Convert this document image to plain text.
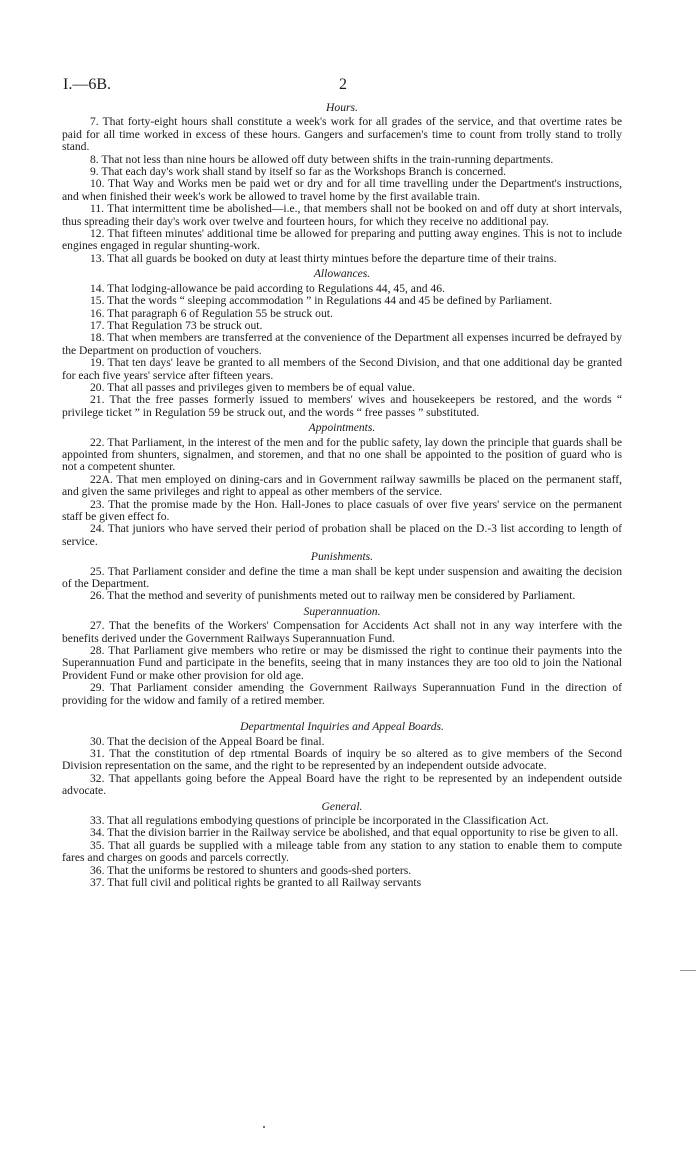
I.—6B.	2
Hours.

7. That forty-eight hours shall constitute a week's work for all grades of the service, and that overtime rates be paid for all time worked in excess of these hours. Gangers and surfacemen's time to count from trolly stand to trolly stand.

8. That not less than nine hours be allowed off duty between shifts in the train-running departments.

9. That each day's work shall stand by itself so far as the Workshops Branch is concerned.

10. That Way and Works men be paid wet or dry and for all time travelling under the Department's instructions, and when finished their week's work be allowed to travel home by the first available train.

11. That intermittent time be abolished—i.e., that members shall not be booked on and off duty at short intervals, thus spreading their day's work over twelve and fourteen hours, for which they receive no additional pay.

12. That fifteen minutes' additional time be allowed for preparing and putting away engines. This is not to include engines engaged in regular shunting-work.

13. That all guards be booked on duty at least thirty mintues before the departure time of their trains.

Allowances.

14. That lodging-allowance be paid according to Regulations 44, 45, and 46.

15. That the words “ sleeping accommodation ” in Regulations 44 and 45 be defined by Parliament.

16. That paragraph 6 of Regulation 55 be struck out.

17. That Regulation 73 be struck out.

18. That when members are transferred at the convenience of the Department all expenses incurred be defrayed by the Department on production of vouchers.

19. That ten days' leave be granted to all members of the Second Division, and that one additional day be granted for each five years' service after fifteen years.

20. That all passes and privileges given to members be of equal value.

21. That the free passes formerly issued to members' wives and housekeepers be restored, and the words “ privilege ticket ” in Regulation 59 be struck out, and the words “ free passes ” substituted.

Appointments.

22. That Parliament, in the interest of the men and for the public safety, lay down the principle that guards shall be appointed from shunters, signalmen, and storemen, and that no one shall be appointed to the position of guard who is not a competent shunter.

22A. That men employed on dining-cars and in Government railway sawmills be placed on the permanent staff, and given the same privileges and right to appeal as other members of the service.

23. That the promise made by the Hon. Hall-Jones to place casuals of over five years' service on the permanent staff be given effect fo.

24. That juniors who have served their period of probation shall be placed on the D.-3 list according to length of service.

Punishments.

25. That Parliament consider and define the time a man shall be kept under suspension and awaiting the decision of the Department.

26. That the method and severity of punishments meted out to railway men be considered by Parliament.

Superannuation.

27. That the benefits of the Workers' Compensation for Accidents Act shall not in any way interfere with the benefits derived under the Government Railways Superannuation Fund.

28. That Parliament give members who retire or may be dismissed the right to continue their payments into the Superannuation Fund and participate in the benefits, seeing that in many instances they are too old to join the National Provident Fund or make other provision for old age.

29. That Parliament consider amending the Government Railways Superannuation Fund in the direction of providing for the widow and family of a retired member.

Departmental Inquiries and Appeal Boards.

30. That the decision of the Appeal Board be final.

31. That the constitution of dep rtmental Boards of inquiry be so altered as to give members of the Second Division representation on the same, and the right to be represented by an independent outside advocate.

32. That appellants going before the Appeal Board have the right to be represented by an independent outside advocate.

General.

33. That all regulations embodying questions of principle be incorporated in the Classification Act.

34. That the division barrier in the Railway service be abolished, and that equal opportunity to rise be given to all.

35. That all guards be supplied with a mileage table from any station to any station to enable them to compute fares and charges on goods and parcels correctly.

36. That the uniforms be restored to shunters and goods-shed porters.

37. That full civil and political rights be granted to all Railway servants
